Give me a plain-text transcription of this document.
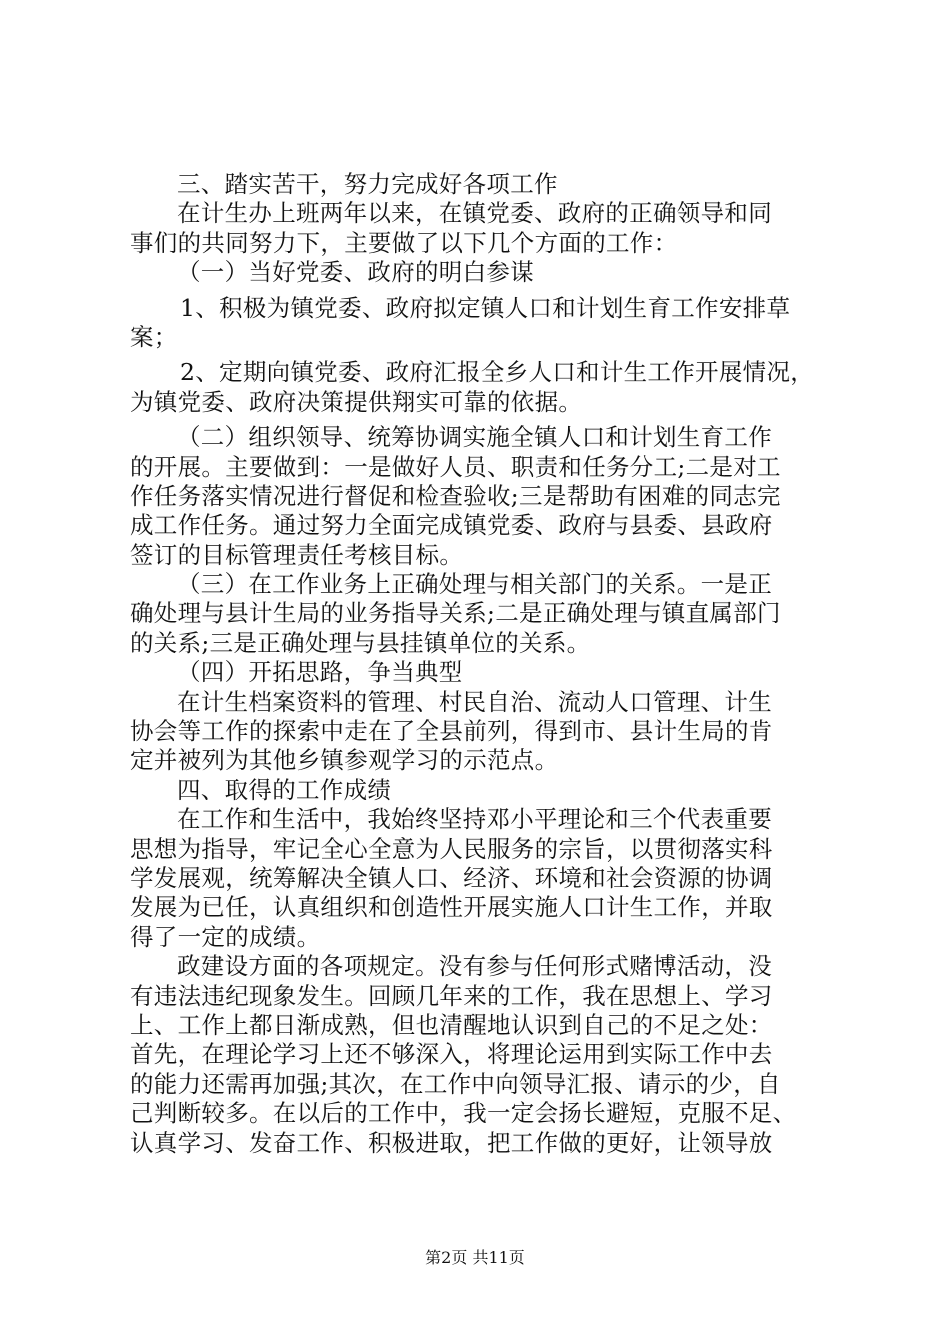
三、踏实苦干，努力完成好各项工作
在计生办上班两年以来，在镇党委、政府的正确领导和同
事们的共同努力下，主要做了以下几个方面的工作：
（一）当好党委、政府的明白参谋
1、积极为镇党委、政府拟定镇人口和计划生育工作安排草
案；
2、定期向镇党委、政府汇报全乡人口和计生工作开展情况，
为镇党委、政府决策提供翔实可靠的依据。
（二）组织领导、统筹协调实施全镇人口和计划生育工作
的开展。主要做到：一是做好人员、职责和任务分工;二是对工
作任务落实情况进行督促和检查验收;三是帮助有困难的同志完
成工作任务。通过努力全面完成镇党委、政府与县委、县政府
签订的目标管理责任考核目标。
（三）在工作业务上正确处理与相关部门的关系。一是正
确处理与县计生局的业务指导关系;二是正确处理与镇直属部门
的关系;三是正确处理与县挂镇单位的关系。
（四）开拓思路，争当典型
在计生档案资料的管理、村民自治、流动人口管理、计生
协会等工作的探索中走在了全县前列，得到市、县计生局的肯
定并被列为其他乡镇参观学习的示范点。
四、取得的工作成绩
在工作和生活中，我始终坚持邓小平理论和三个代表重要
思想为指导，牢记全心全意为人民服务的宗旨，以贯彻落实科
学发展观，统筹解决全镇人口、经济、环境和社会资源的协调
发展为已任，认真组织和创造性开展实施人口计生工作，并取
得了一定的成绩。
政建设方面的各项规定。没有参与任何形式赌博活动，没
有违法违纪现象发生。回顾几年来的工作，我在思想上、学习
上、工作上都日渐成熟，但也清醒地认识到自己的不足之处：
首先，在理论学习上还不够深入，将理论运用到实际工作中去
的能力还需再加强;其次，在工作中向领导汇报、请示的少，自
己判断较多。在以后的工作中，我一定会扬长避短，克服不足、
认真学习、发奋工作、积极进取，把工作做的更好，让领导放
第2页 共11页
